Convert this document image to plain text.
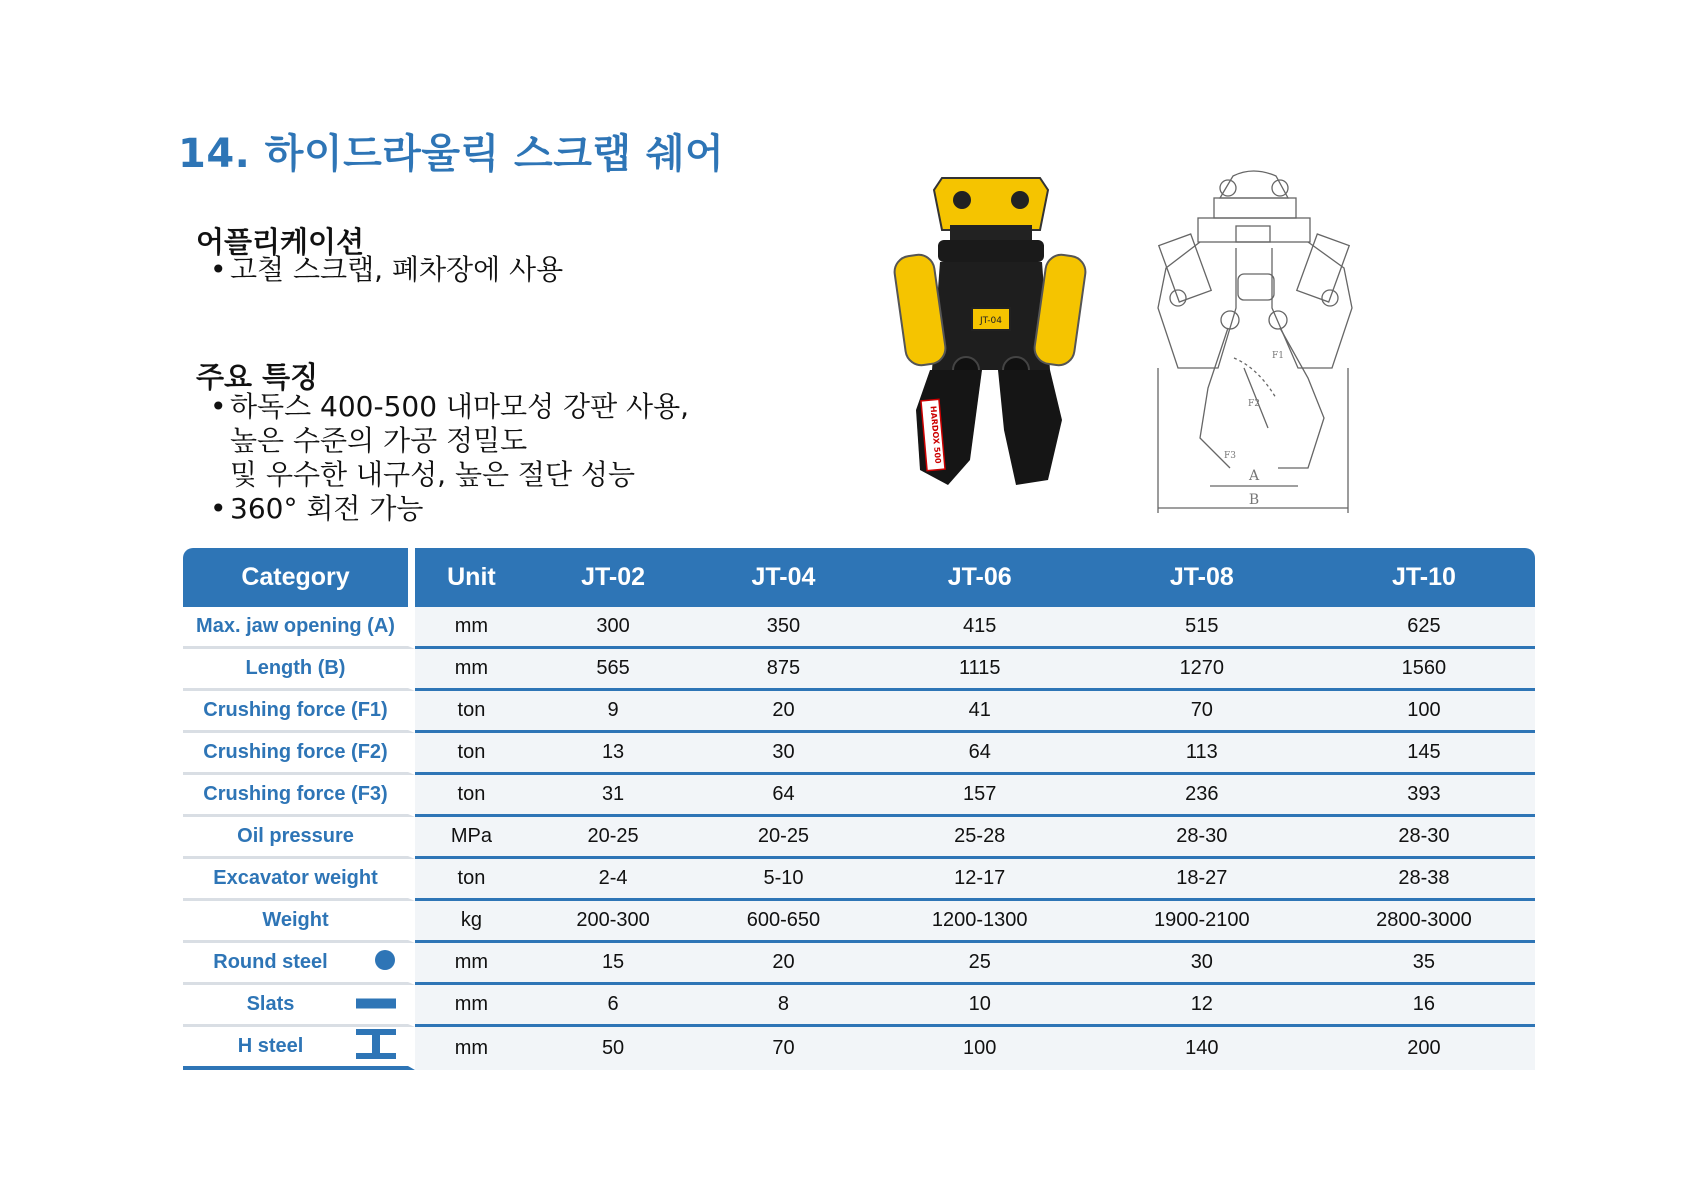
14. 하이드라울릭 스크랩 쉐어
어플리케이션
• 고철 스크랩, 폐차장에 사용
주요 특징
• 하독스 400-500 내마모성 강판 사용,
높은 수준의 가공 정밀도
및 우수한 내구성, 높은 절단 성능
• 360° 회전 가능
JT-04
HARDOX 500
A
B
F1
F2
F3
Category	Unit	JT-02	JT-04	JT-06	JT-08	JT-10
Max. jaw opening (A)	mm	300	350	415	515	625
Length (B)	mm	565	875	1115	1270	1560
Crushing force (F1)	ton	9	20	41	70	100
Crushing force (F2)	ton	13	30	64	113	145
Crushing force (F3)	ton	31	64	157	236	393
Oil pressure	MPa	20-25	20-25	25-28	28-30	28-30
Excavator weight	ton	2-4	5-10	12-17	18-27	28-38
Weight	kg	200-300	600-650	1200-1300	1900-2100	2800-3000
Round steel	mm	15	20	25	30	35
Slats	mm	6	8	10	12	16
H steel	mm	50	70	100	140	200
